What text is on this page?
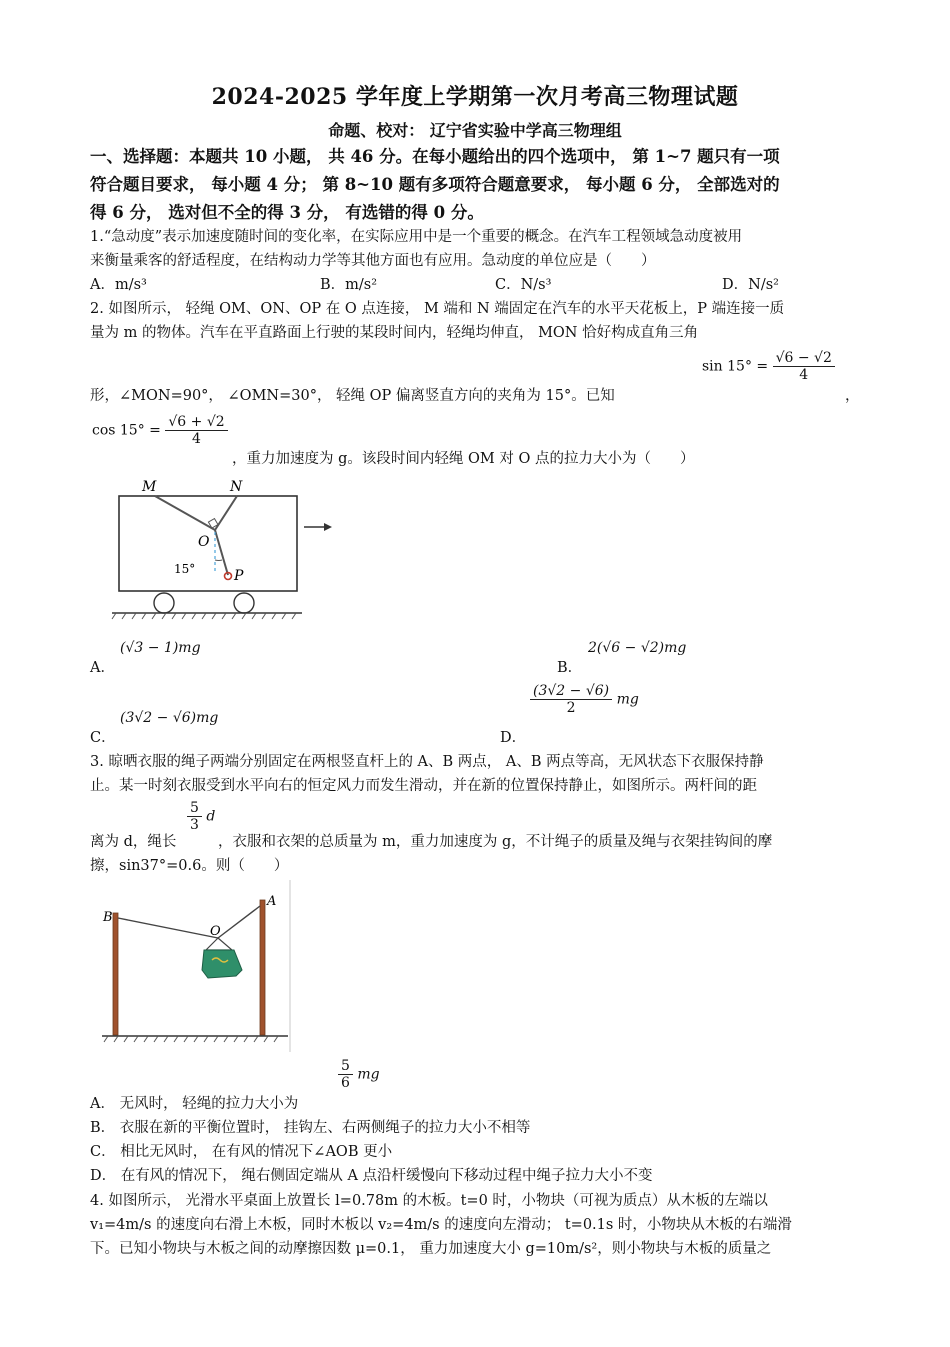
2024-2025 学年度上学期第一次月考高三物理试题
命题、校对： 辽宁省实验中学高三物理组
一、选择题：本题共 10 小题， 共 46 分。在每小题给出的四个选项中， 第 1~7 题只有一项
符合题目要求， 每小题 4 分； 第 8~10 题有多项符合题意要求， 每小题 6 分， 全部选对的
得 6 分， 选对但不全的得 3 分， 有选错的得 0 分。
1.“急动度”表示加速度随时间的变化率，在实际应用中是一个重要的概念。在汽车工程领域急动度被用
来衡量乘客的舒适程度，在结构动力学等其他方面也有应用。急动度的单位应是（　　）
A．m/s³	B．m/s²	C．N/s³	D．N/s²
2. 如图所示， 轻绳 OM、ON、OP 在 O 点连接， M 端和 N 端固定在汽车的水平天花板上，P 端连接一质
量为 m 的物体。汽车在平直路面上行驶的某段时间内，轻绳均伸直， MON 恰好构成直角三角
形，∠MON=90°， ∠OMN=30°， 轻绳 OP 偏离竖直方向的夹角为 15°。已知
$\sin 15^\circ = \frac{√6 - √2}{4}$
，
$\cos 15^\circ = \frac{√6 + √2}{4}$
，重力加速度为 g。该段时间内轻绳 OM 对 O 点的拉力大小为（　　）
M	N
O
P
15°
A．
(√3 − 1)mg
B．
2(√6 − √2)mg
C．
(3√2 − √6)mg
D．
$\frac{(3√2 - √6)}{2}$ mg
3. 晾晒衣服的绳子两端分别固定在两根竖直杆上的 A、B 两点， A、B 两点等高，无风状态下衣服保持静
止。某一时刻衣服受到水平向右的恒定风力而发生滑动，并在新的位置保持静止，如图所示。两杆间的距
离为 d，绳长
$\frac{5}{3}$ d
，衣服和衣架的总质量为 m，重力加速度为 g，不计绳子的质量及绳与衣架挂钩间的摩
擦，sin37°=0.6。则（　　）
B
A
O
A． 无风时， 轻绳的拉力大小为
$\frac{5}{6}$ mg
B． 衣服在新的平衡位置时， 挂钩左、右两侧绳子的拉力大小不相等
C． 相比无风时， 在有风的情况下∠AOB 更小
D． 在有风的情况下， 绳右侧固定端从 A 点沿杆缓慢向下移动过程中绳子拉力大小不变
4. 如图所示， 光滑水平桌面上放置长 l=0.78m 的木板。t=0 时，小物块（可视为质点）从木板的左端以
v₁=4m/s 的速度向右滑上木板，同时木板以 v₂=4m/s 的速度向左滑动； t=0.1s 时，小物块从木板的右端滑
下。已知小物块与木板之间的动摩擦因数 μ=0.1， 重力加速度大小 g=10m/s²，则小物块与木板的质量之
